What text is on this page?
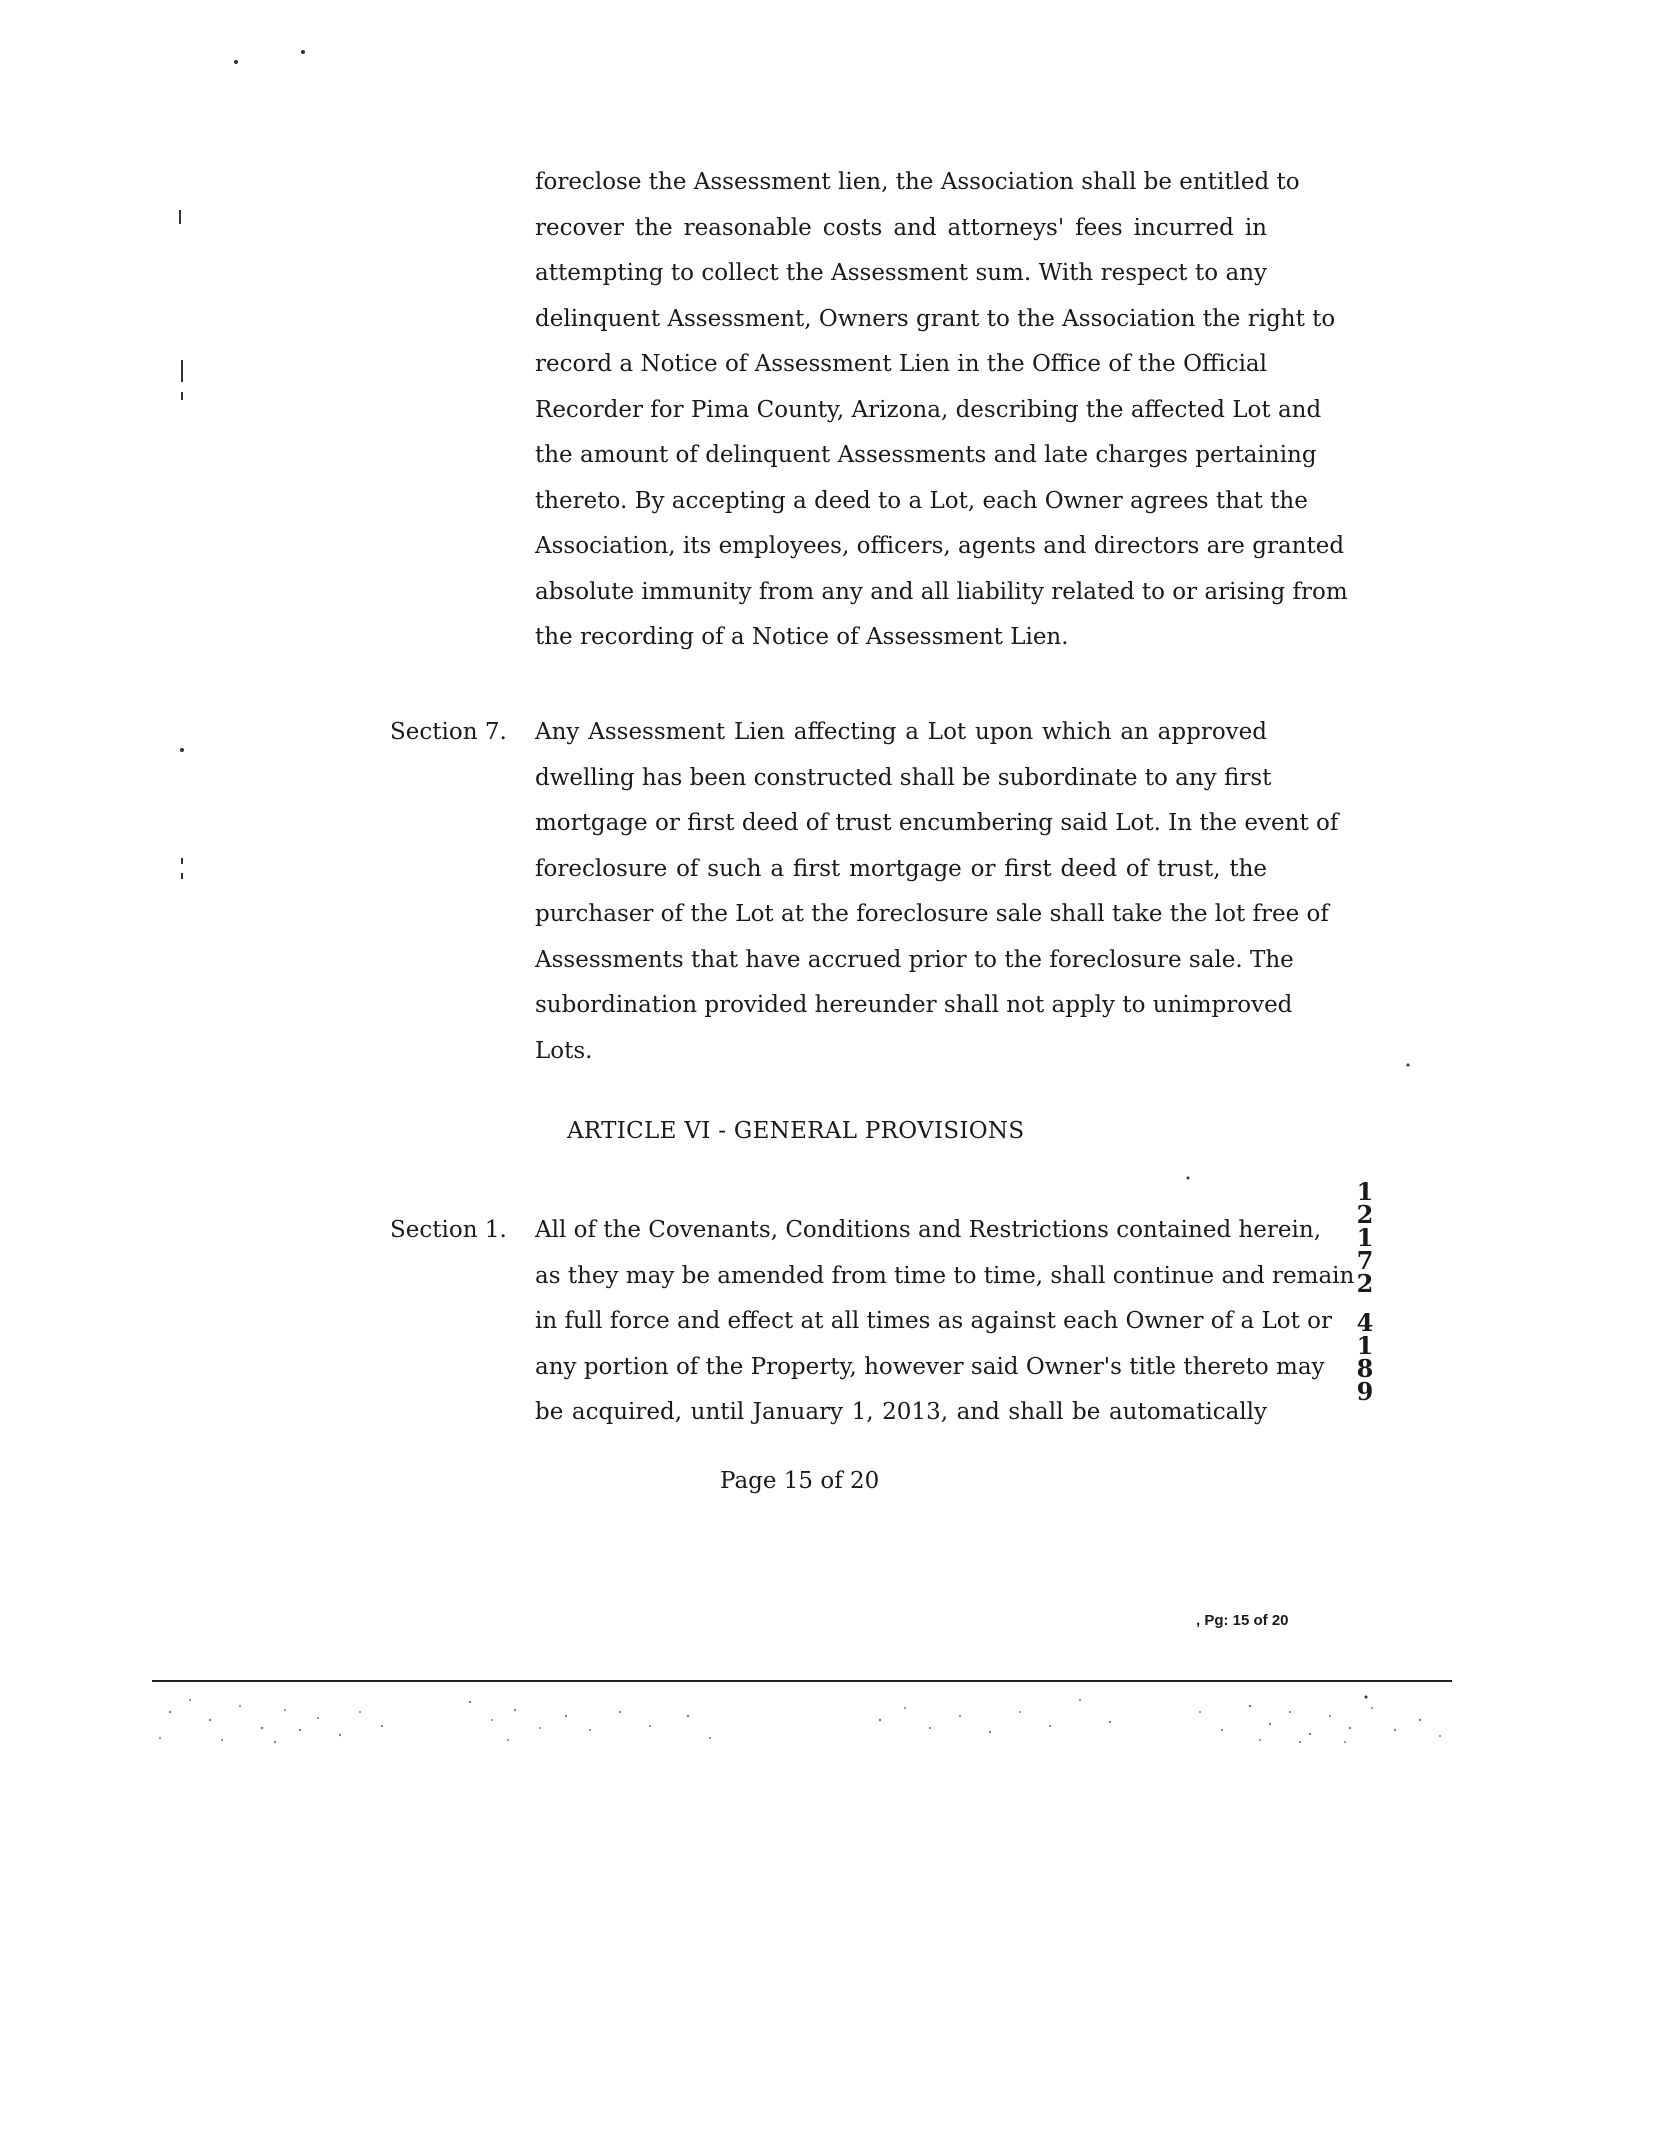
foreclose the Assessment lien, the Association shall be entitled to
recover the reasonable costs and attorneys' fees incurred in
attempting to collect the Assessment sum. With respect to any
delinquent Assessment, Owners grant to the Association the right to
record a Notice of Assessment Lien in the Office of the Official
Recorder for Pima County, Arizona, describing the affected Lot and
the amount of delinquent Assessments and late charges pertaining
thereto. By accepting a deed to a Lot, each Owner agrees that the
Association, its employees, officers, agents and directors are granted
absolute immunity from any and all liability related to or arising from
the recording of a Notice of Assessment Lien.
Section 7. Any Assessment Lien affecting a Lot upon which an approved
dwelling has been constructed shall be subordinate to any first
mortgage or first deed of trust encumbering said Lot. In the event of
foreclosure of such a first mortgage or first deed of trust, the
purchaser of the Lot at the foreclosure sale shall take the lot free of
Assessments that have accrued prior to the foreclosure sale. The
subordination provided hereunder shall not apply to unimproved
Lots.
ARTICLE VI - GENERAL PROVISIONS
Section 1. All of the Covenants, Conditions and Restrictions contained herein,
as they may be amended from time to time, shall continue and remain
in full force and effect at all times as against each Owner of a Lot or
any portion of the Property, however said Owner's title thereto may
be acquired, until January 1, 2013, and shall be automatically
1
2
1
7
2
4
1
8
9
Page 15 of 20
, Pg: 15 of 20
